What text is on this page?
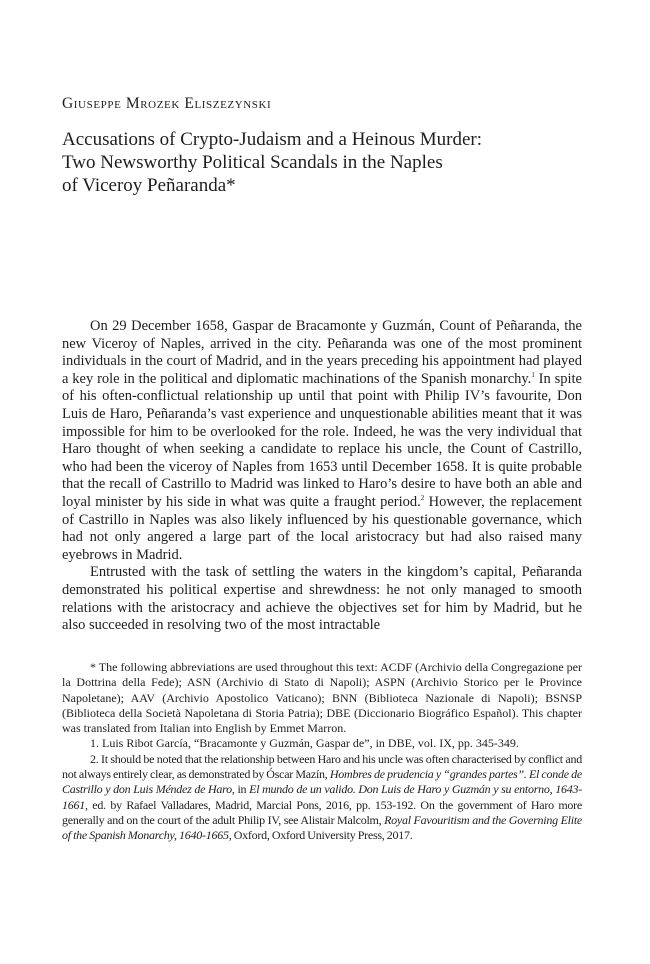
Giuseppe Mrozek Eliszezynski
Accusations of Crypto-Judaism and a Heinous Murder:
Two Newsworthy Political Scandals in the Naples
of Viceroy Peñaranda*

On 29 December 1658, Gaspar de Bracamonte y Guzmán, Count of Peñaranda, the new Viceroy of Naples, arrived in the city. Peñaranda was one of the most prominent individuals in the court of Madrid, and in the years preceding his appointment had played a key role in the political and diplomatic machinations of the Spanish monarchy.$^1$ In spite of his often-conflictual relationship up until that point with Philip IV’s favourite, Don Luis de Haro, Peñaranda’s vast experience and unquestionable abilities meant that it was impossible for him to be overlooked for the role. Indeed, he was the very individual that Haro thought of when seeking a candidate to replace his uncle, the Count of Castrillo, who had been the viceroy of Naples from 1653 until December 1658. It is quite probable that the recall of Castrillo to Madrid was linked to Haro’s desire to have both an able and loyal minister by his side in what was quite a fraught period.$^2$ However, the replacement of Castrillo in Naples was also likely influenced by his questionable governance, which had not only angered a large part of the local aristocracy but had also raised many eyebrows in Madrid.

Entrusted with the task of settling the waters in the kingdom’s capital, Peñaranda demonstrated his political expertise and shrewdness: he not only managed to smooth relations with the aristocracy and achieve the objectives set for him by Madrid, but he also succeeded in resolving two of the most intractable

* The following abbreviations are used throughout this text: ACDF (Archivio della Congregazione per la Dottrina della Fede); ASN (Archivio di Stato di Napoli); ASPN (Archivio Storico per le Province Napoletane); AAV (Archivio Apostolico Vaticano); BNN (Biblioteca Nazionale di Napoli); BSNSP (Biblioteca della Società Napoletana di Storia Patria); DBE (Diccionario Biográfico Español). This chapter was translated from Italian into English by Emmet Marron.

1. Luis Ribot García, “Bracamonte y Guzmán, Gaspar de”, in DBE, vol. IX, pp. 345-349.

2. It should be noted that the relationship between Haro and his uncle was often characterised by conflict and not always entirely clear, as demonstrated by Óscar Mazín, Hombres de prudencia y “grandes partes”. El conde de Castrillo y don Luis Méndez de Haro, in El mundo de un valido. Don Luis de Haro y Guzmán y su entorno, 1643-1661, ed. by Rafael Valladares, Madrid, Marcial Pons, 2016, pp. 153-192. On the government of Haro more generally and on the court of the adult Philip IV, see Alistair Malcolm, Royal Favouritism and the Governing Elite of the Spanish Monarchy, 1640-1665, Oxford, Oxford University Press, 2017.
